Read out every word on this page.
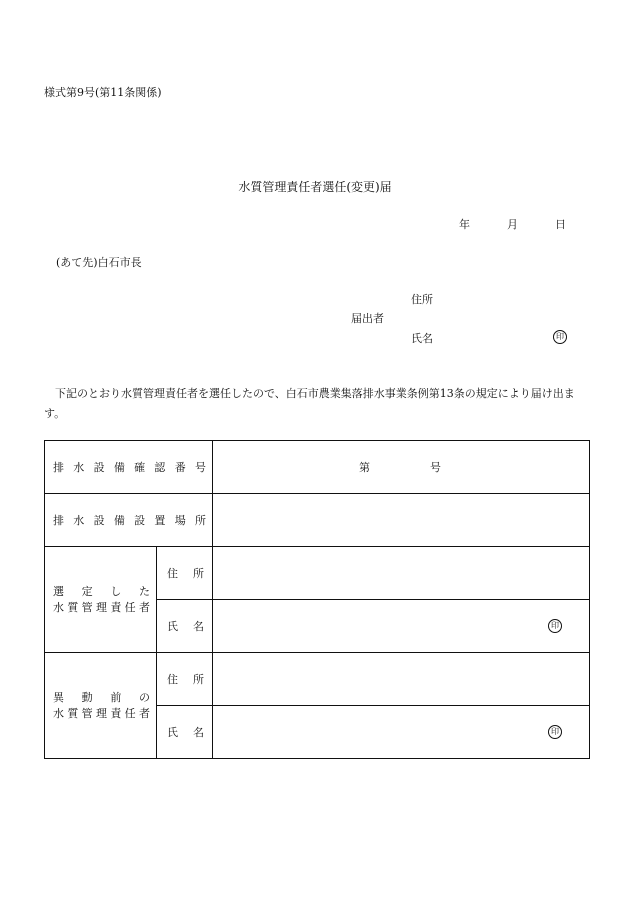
様式第9号(第11条関係)
水質管理責任者選任(変更)届
年	月	日
(あて先)白石市長
住所
届出者
氏名	印
下記のとおり水質管理責任者を選任したので、白石市農業集落排水事業条例第13条の規定により届け出ます。
排水設備確認番号		第 号

排水設備設置場所		

選定した
水質管理責任者	住所	
	氏名	印

異動前の
水質管理責任者	住所	
	氏名	印
